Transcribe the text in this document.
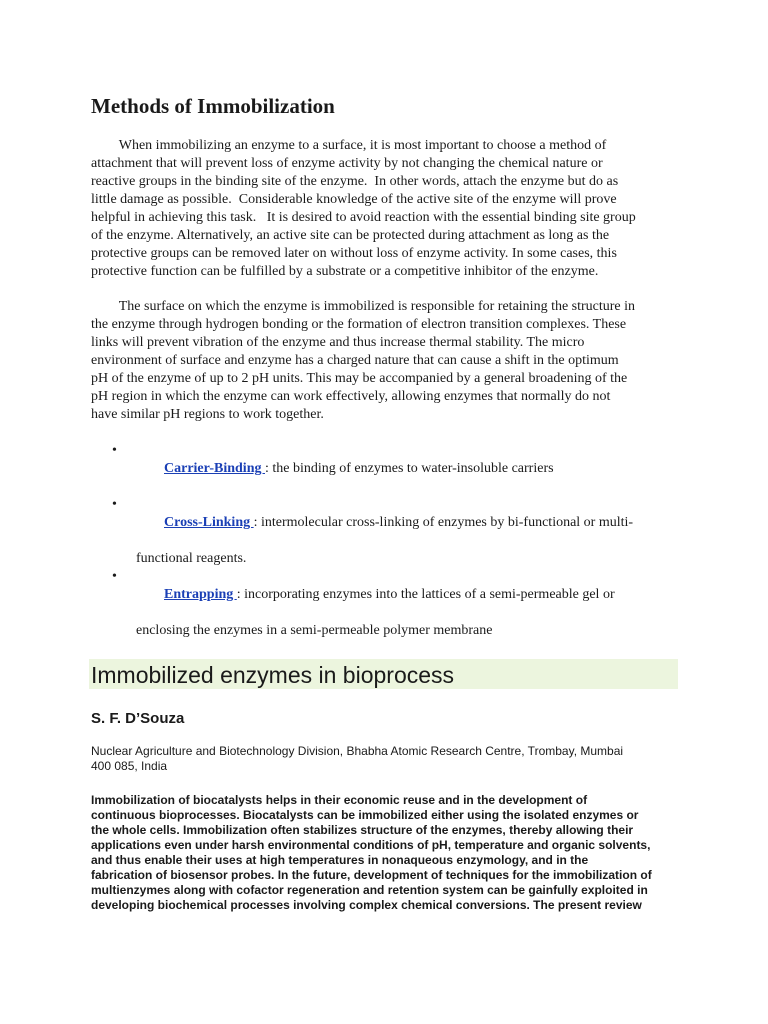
Methods of Immobilization

When immobilizing an enzyme to a surface, it is most important to choose a method of
attachment that will prevent loss of enzyme activity by not changing the chemical nature or
reactive groups in the binding site of the enzyme.  In other words, attach the enzyme but do as
little damage as possible.  Considerable knowledge of the active site of the enzyme will prove
helpful in achieving this task.   It is desired to avoid reaction with the essential binding site group
of the enzyme. Alternatively, an active site can be protected during attachment as long as the
protective groups can be removed later on without loss of enzyme activity. In some cases, this
protective function can be fulfilled by a substrate or a competitive inhibitor of the enzyme.

The surface on which the enzyme is immobilized is responsible for retaining the structure in
the enzyme through hydrogen bonding or the formation of electron transition complexes. These
links will prevent vibration of the enzyme and thus increase thermal stability. The micro
environment of surface and enzyme has a charged nature that can cause a shift in the optimum
pH of the enzyme of up to 2 pH units. This may be accompanied by a general broadening of the
pH region in which the enzyme can work effectively, allowing enzymes that normally do not
have similar pH regions to work together.

•

Carrier-Binding : the binding of enzymes to water-insoluble carriers

•

Cross-Linking : intermolecular cross-linking of enzymes by bi-functional or multi-

functional reagents.
•

Entrapping : incorporating enzymes into the lattices of a semi-permeable gel or

enclosing the enzymes in a semi-permeable polymer membrane
Immobilized enzymes in bioprocess

S. F. D’Souza

Nuclear Agriculture and Biotechnology Division, Bhabha Atomic Research Centre, Trombay, Mumbai
400 085, India

Immobilization of biocatalysts helps in their economic reuse and in the development of
continuous bioprocesses. Biocatalysts can be immobilized either using the isolated enzymes or
the whole cells. Immobilization often stabilizes structure of the enzymes, thereby allowing their
applications even under harsh environmental conditions of pH, temperature and organic solvents,
and thus enable their uses at high temperatures in nonaqueous enzymology, and in the
fabrication of biosensor probes. In the future, development of techniques for the immobilization of
multienzymes along with cofactor regeneration and retention system can be gainfully exploited in
developing biochemical processes involving complex chemical conversions. The present review
